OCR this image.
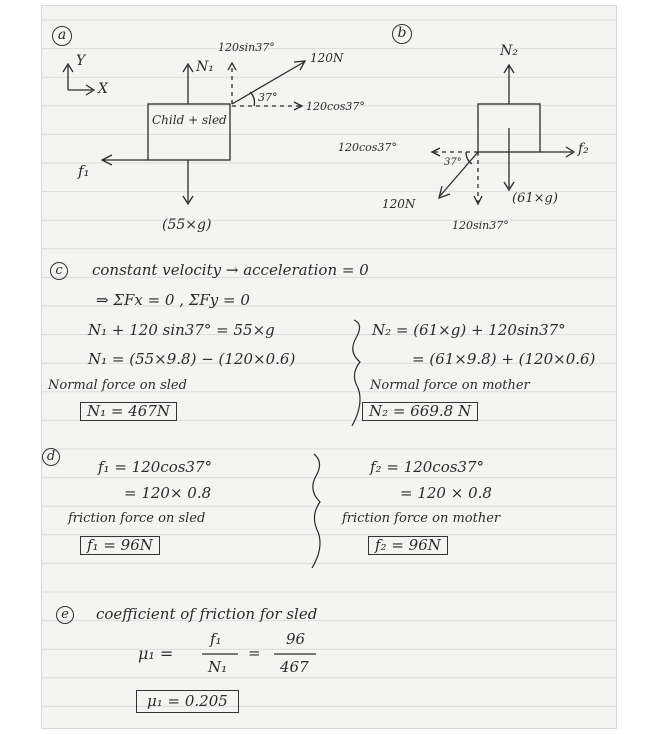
a
Y
X
N₁
120sin37°
120N
37°
120cos37°
Child + sled
f₁
(55×g)
b
N₂
f₂
120cos37°
37°
120N	(61×g)
120sin37°
c	constant velocity → acceleration = 0
⇒ ΣFx = 0 , ΣFy = 0
N₁ + 120 sin37° = 55×g
N₁ = (55×9.8) − (120×0.6)
Normal force on sled
N₁ = 467N
N₂ = (61×g) + 120sin37°
= (61×9.8) + (120×0.6)
Normal force on mother
N₂ = 669.8 N
d
f₁ = 120cos37°
= 120× 0.8
friction force on sled
f₁ = 96N
f₂ = 120cos37°
= 120 × 0.8
friction force on mother
f₂ = 96N
e	coefficient of friction for sled
μ₁ =
f₁
N₁
=
96
467
μ₁ = 0.205
